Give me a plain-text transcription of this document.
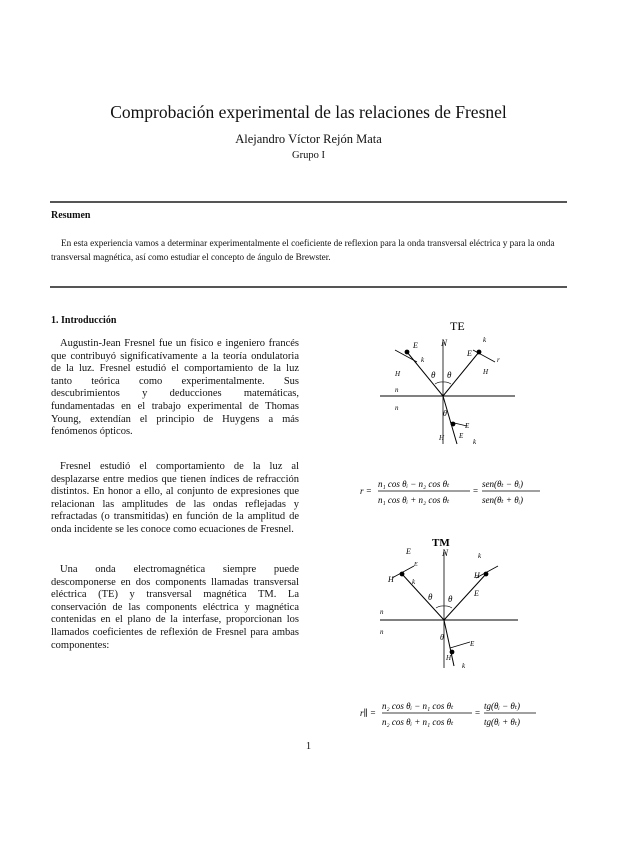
Comprobación experimental de las relaciones de Fresnel
Alejandro Víctor Rejón Mata
Grupo I
Resumen
En esta experiencia vamos a determinar experimentalmente el coeficiente de reflexion para la onda transversal eléctrica y para la onda transversal magnética, así como estudiar el concepto de ángulo de Brewster.
1. Introducción
Augustin-Jean Fresnel fue un físico e ingeniero francés que contribuyó significatívamente a la teoría ondulatoria de la luz. Fresnel estudió el comportamiento de la luz tanto teórica como experimentalmente. Sus descubrimientos y deducciones matemáticas, fundamentadas en el trabajo experimental de Thomas Young, extendían el principio de Huygens a más fenómenos ópticos.
Fresnel estudió el comportamiento de la luz al desplazarse entre medios que tienen índices de refracción distintos. En honor a ello, al conjunto de expresiones que relacionan las amplitudes de las ondas reflejadas y refractadas (o transmitidas) en función de la amplitud de onda incidente se les conoce como ecuaciones de Fresnel.
Una onda electromagnética siempre puede descomponerse en dos components llamadas transversal eléctrica (TE) y transversal magnética TM. La conservación de las components eléctrica y magnética contenidas en el plano de la interfase, proporcionan los llamados coeficientes de reflexión de Fresnel para ambas componentes:
TE
E	N
k
E
k
r
H	H
n
n
θ θ
θ
E
k
H E
r =
n₁ cos θᵢ − n₂ cos θₜ
n₁ cos θᵢ + n₂ cos θₜ
=
sen(θₜ − θᵢ)
sen(θₜ + θᵢ)
TM
E	N
k
E
k
H	H
n
n
θ θ
θ
H
E
k
E
r∥ =
n₂ cos θᵢ − n₁ cos θₜ
n₂ cos θᵢ + n₁ cos θₜ
=
tg(θᵢ − θₜ)
tg(θᵢ + θₜ)
1
